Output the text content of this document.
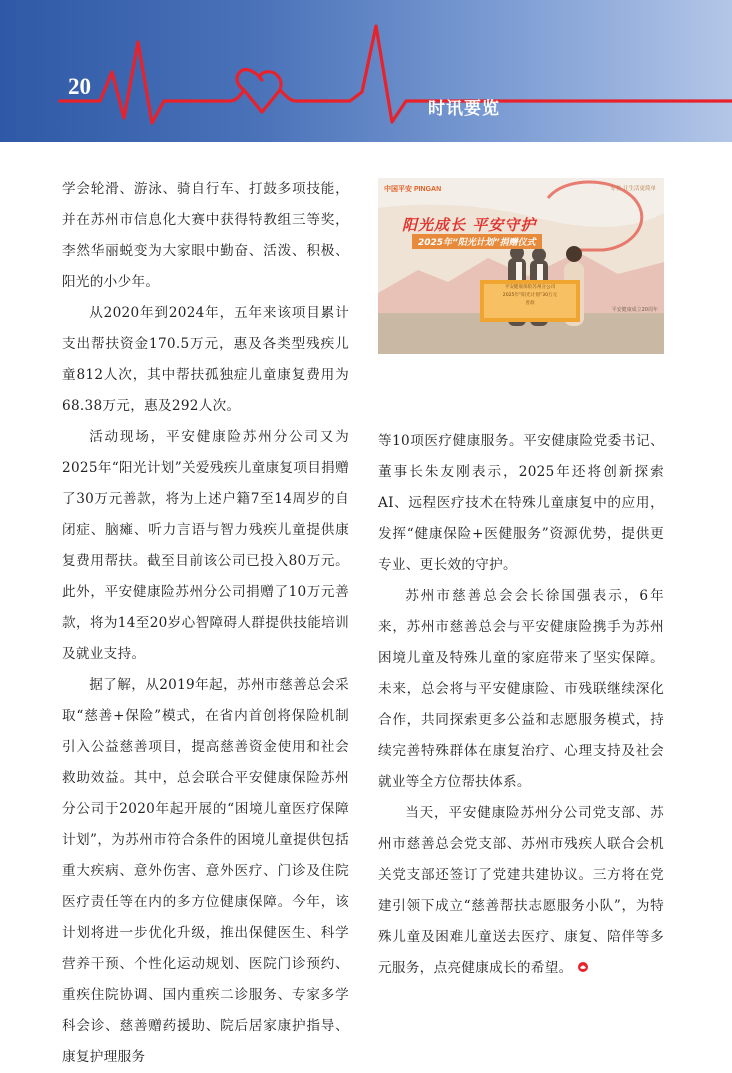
20
时讯要览
中国平安 PINGAN	专业·让生活更简单
阳光成长 平安守护
2025年“阳光计划”捐赠仪式
平安健康保险苏州分公司
2025年“阳光计划”30万元
善款
平安健康成立20周年

学会轮滑、游泳、骑自行车、打鼓多项技能，并在苏州市信息化大赛中获得特教组三等奖，李然华丽蜕变为大家眼中勤奋、活泼、积极、阳光的小少年。

从2020年到2024年，五年来该项目累计支出帮扶资金170.5万元，惠及各类型残疾儿童812人次，其中帮扶孤独症儿童康复费用为68.38万元，惠及292人次。

活动现场，平安健康险苏州分公司又为2025年“阳光计划”关爱残疾儿童康复项目捐赠了30万元善款，将为上述户籍7至14周岁的自闭症、脑瘫、听力言语与智力残疾儿童提供康复费用帮扶。截至目前该公司已投入80万元。此外，平安健康险苏州分公司捐赠了10万元善款，将为14至20岁心智障碍人群提供技能培训及就业支持。

据了解，从2019年起，苏州市慈善总会采取“慈善+保险”模式，在省内首创将保险机制引入公益慈善项目，提高慈善资金使用和社会救助效益。其中，总会联合平安健康保险苏州分公司于2020年起开展的“困境儿童医疗保障计划”，为苏州市符合条件的困境儿童提供包括重大疾病、意外伤害、意外医疗、门诊及住院医疗责任等在内的多方位健康保障。今年，该计划将进一步优化升级，推出保健医生、科学营养干预、个性化运动规划、医院门诊预约、重疾住院协调、国内重疾二诊服务、专家多学科会诊、慈善赠药援助、院后居家康护指导、康复护理服务

等10项医疗健康服务。平安健康险党委书记、董事长朱友刚表示，2025年还将创新探索AI、远程医疗技术在特殊儿童康复中的应用，发挥“健康保险+医健服务”资源优势，提供更专业、更长效的守护。

苏州市慈善总会会长徐国强表示，6年来，苏州市慈善总会与平安健康险携手为苏州困境儿童及特殊儿童的家庭带来了坚实保障。未来，总会将与平安健康险、市残联继续深化合作，共同探索更多公益和志愿服务模式，持续完善特殊群体在康复治疗、心理支持及社会就业等全方位帮扶体系。

当天，平安健康险苏州分公司党支部、苏州市慈善总会党支部、苏州市残疾人联合会机关党支部还签订了党建共建协议。三方将在党建引领下成立“慈善帮扶志愿服务小队”，为特殊儿童及困难儿童送去医疗、康复、陪伴等多元服务，点亮健康成长的希望。
